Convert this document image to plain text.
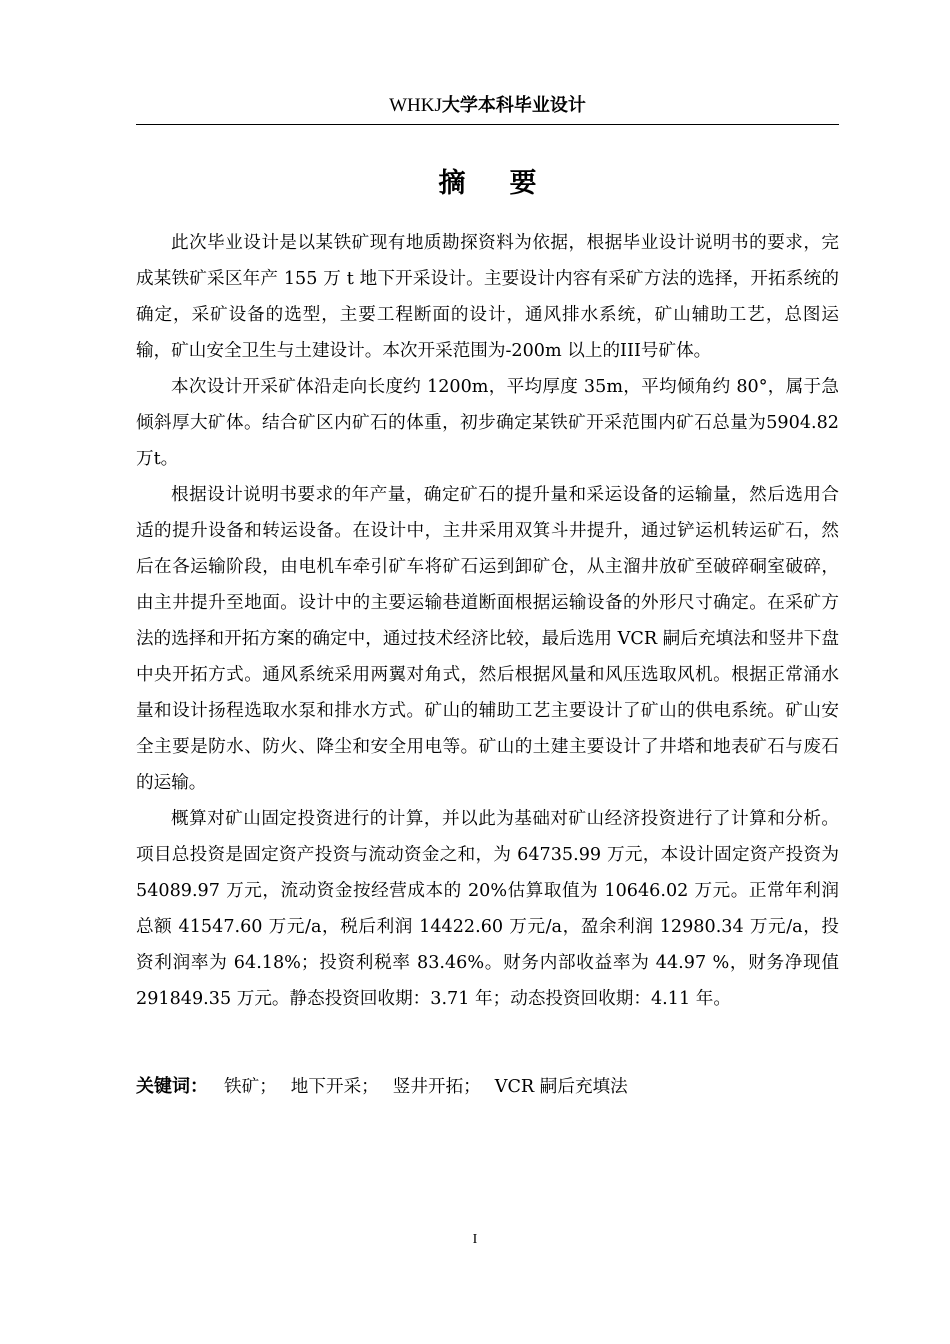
WHKJ大学本科毕业设计
摘要

此次毕业设计是以某铁矿现有地质勘探资料为依据，根据毕业设计说明书的要求，完成某铁矿采区年产 155 万 t 地下开采设计。主要设计内容有采矿方法的选择，开拓系统的确定，采矿设备的选型，主要工程断面的设计，通风排水系统，矿山辅助工艺，总图运输，矿山安全卫生与土建设计。本次开采范围为-200m 以上的III号矿体。

本次设计开采矿体沿走向长度约 1200m，平均厚度 35m，平均倾角约 80°，属于急倾斜厚大矿体。结合矿区内矿石的体重，初步确定某铁矿开采范围内矿石总量为5904.82 万t。

根据设计说明书要求的年产量，确定矿石的提升量和采运设备的运输量，然后选用合适的提升设备和转运设备。在设计中，主井采用双箕斗井提升，通过铲运机转运矿石，然后在各运输阶段，由电机车牵引矿车将矿石运到卸矿仓，从主溜井放矿至破碎硐室破碎，由主井提升至地面。设计中的主要运输巷道断面根据运输设备的外形尺寸确定。在采矿方法的选择和开拓方案的确定中，通过技术经济比较，最后选用 VCR 嗣后充填法和竖井下盘中央开拓方式。通风系统采用两翼对角式，然后根据风量和风压选取风机。根据正常涌水量和设计扬程选取水泵和排水方式。矿山的辅助工艺主要设计了矿山的供电系统。矿山安全主要是防水、防火、降尘和安全用电等。矿山的土建主要设计了井塔和地表矿石与废石的运输。

概算对矿山固定投资进行的计算，并以此为基础对矿山经济投资进行了计算和分析。项目总投资是固定资产投资与流动资金之和，为 64735.99 万元，本设计固定资产投资为 54089.97 万元，流动资金按经营成本的 20%估算取值为 10646.02 万元。正常年利润总额 41547.60 万元/a，税后利润 14422.60 万元/a，盈余利润 12980.34 万元/a，投资利润率为 64.18%；投资利税率 83.46%。财务内部收益率为 44.97 %，财务净现值 291849.35 万元。静态投资回收期：3.71 年；动态投资回收期：4.11 年。

关键词： 铁矿； 地下开采； 竖井开拓； VCR 嗣后充填法
I
